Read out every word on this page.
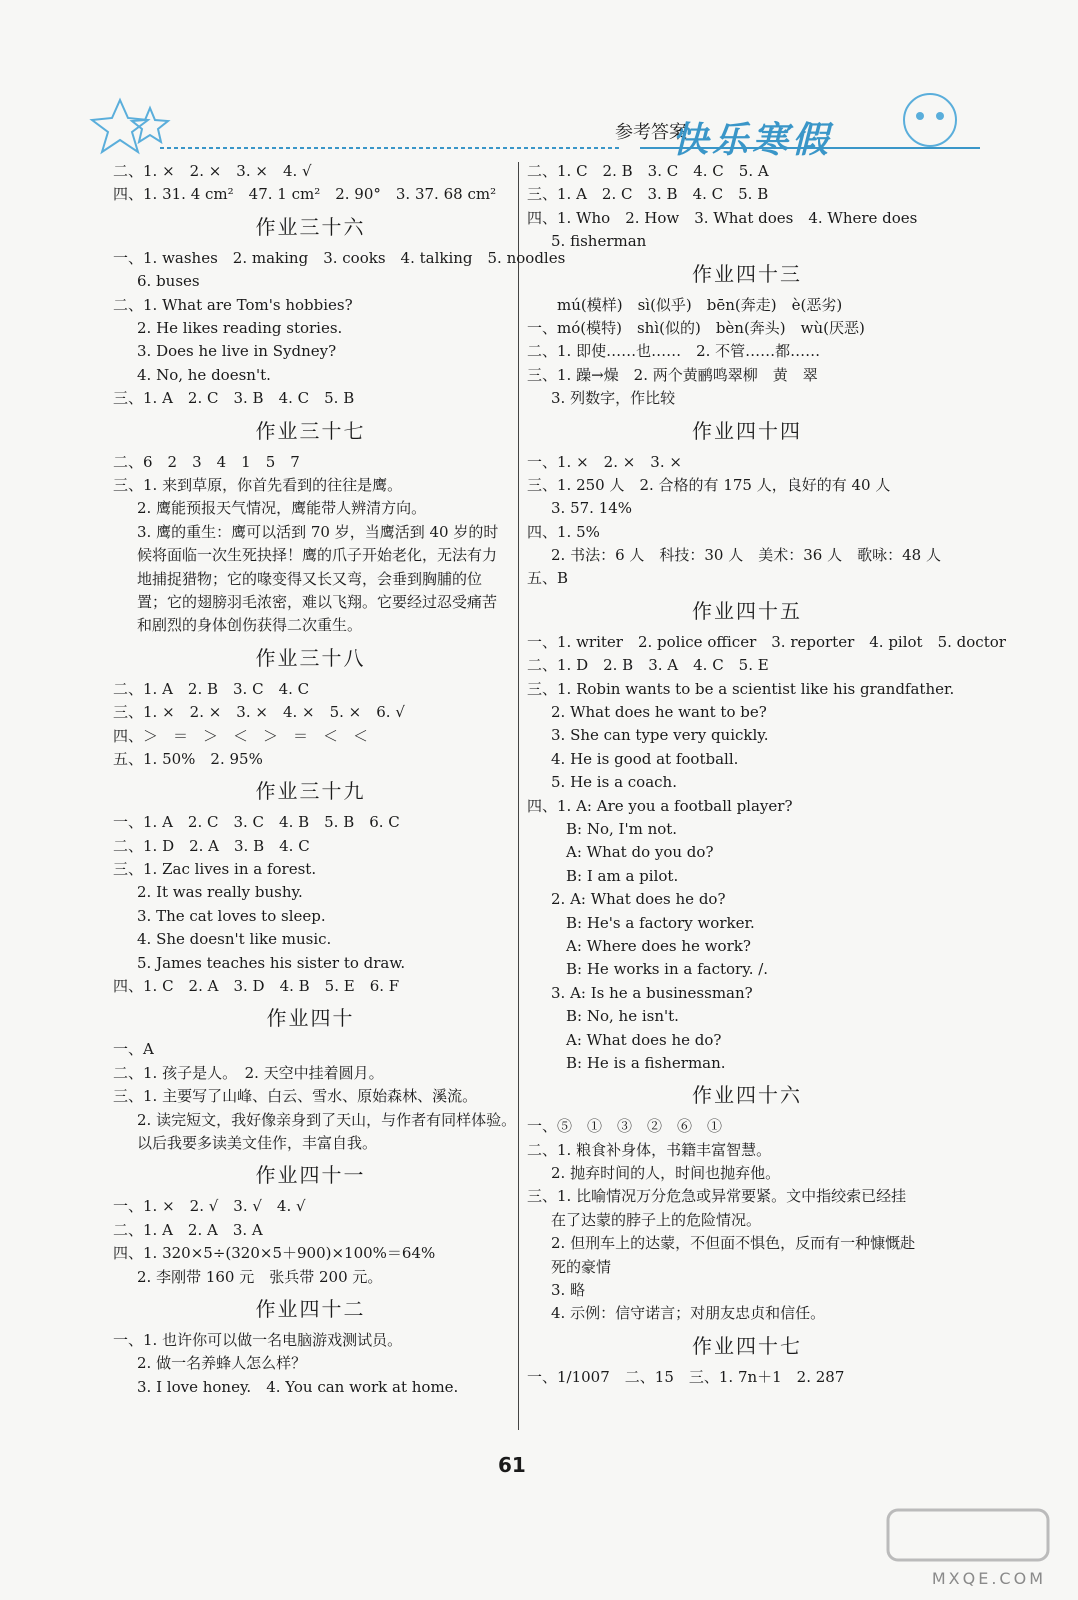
参考答案
快乐寒假
二、1. ×　2. ×　3. ×　4. √
四、1. 31. 4 cm²　47. 1 cm²　2. 90°　3. 37. 68 cm²
作业三十六
一、1. washes　2. making　3. cooks　4. talking　5. noodles
6. buses
二、1. What are Tom's hobbies?
2. He likes reading stories.
3. Does he live in Sydney?
4. No, he doesn't.
三、1. A　2. C　3. B　4. C　5. B
作业三十七
二、6　2　3　4　1　5　7
三、1. 来到草原，你首先看到的往往是鹰。
2. 鹰能预报天气情况，鹰能带人辨清方向。
3. 鹰的重生：鹰可以活到 70 岁，当鹰活到 40 岁的时候将面临一次生死抉择！鹰的爪子开始老化，无法有力地捕捉猎物；它的喙变得又长又弯，会垂到胸脯的位置；它的翅膀羽毛浓密，难以飞翔。它要经过忍受痛苦和剧烈的身体创伤获得二次重生。
作业三十八
二、1. A　2. B　3. C　4. C
三、1. ×　2. ×　3. ×　4. ×　5. ×　6. √
四、＞　＝　＞　＜　＞　＝　＜　＜
五、1. 50%　2. 95%
作业三十九
一、1. A　2. C　3. C　4. B　5. B　6. C
二、1. D　2. A　3. B　4. C
三、1. Zac lives in a forest.
2. It was really bushy.
3. The cat loves to sleep.
4. She doesn't like music.
5. James teaches his sister to draw.
四、1. C　2. A　3. D　4. B　5. E　6. F
作业四十
一、A
二、1. 孩子是人。　2. 天空中挂着圆月。
三、1. 主要写了山峰、白云、雪水、原始森林、溪流。
2. 读完短文，我好像亲身到了天山，与作者有同样体验。
以后我要多读美文佳作，丰富自我。
作业四十一
一、1. ×　2. √　3. √　4. √
二、1. A　2. A　3. A
四、1. 320×5÷(320×5＋900)×100%＝64%
2. 李刚带 160 元　张兵带 200 元。
作业四十二
一、1. 也许你可以做一名电脑游戏测试员。
2. 做一名养蜂人怎么样？
3. I love honey.　4. You can work at home.
二、1. C　2. B　3. C　4. C　5. A
三、1. A　2. C　3. B　4. C　5. B
四、1. Who　2. How　3. What does　4. Where does
5. fisherman
作业四十三
　　mú(模样)　sì(似乎)　bēn(奔走)　è(恶劣)
一、mó(模特)　shì(似的)　bèn(奔头)　wù(厌恶)
二、1. 即使……也……　2. 不管……都……
三、1. 躁→燥　2. 两个黄鹂鸣翠柳　黄　翠
3. 列数字，作比较
作业四十四
一、1. ×　2. ×　3. ×
三、1. 250 人　2. 合格的有 175 人，良好的有 40 人
3. 57. 14%
四、1. 5%
2. 书法：6 人　科技：30 人　美术：36 人　歌咏：48 人
五、B
作业四十五
一、1. writer　2. police officer　3. reporter　4. pilot　5. doctor
二、1. D　2. B　3. A　4. C　5. E
三、1. Robin wants to be a scientist like his grandfather.
2. What does he want to be?
3. She can type very quickly.
4. He is good at football.
5. He is a coach.
四、1. A: Are you a football player?
　B: No, I'm not.
　A: What do you do?
　B: I am a pilot.
2. A: What does he do?
　B: He's a factory worker.
　A: Where does he work?
　B: He works in a factory. /.
3. A: Is he a businessman?
　B: No, he isn't.
　A: What does he do?
　B: He is a fisherman.
作业四十六
一、⑤　①　③　②　⑥　①
二、1. 粮食补身体，书籍丰富智慧。
2. 抛弃时间的人，时间也抛弃他。
三、1. 比喻情况万分危急或异常要紧。文中指绞索已经挂
在了达蒙的脖子上的危险情况。
2. 但刑车上的达蒙，不但面不惧色，反而有一种慷慨赴
死的豪情
3. 略
4. 示例：信守诺言；对朋友忠贞和信任。
作业四十七
一、1/1007　二、15　三、1. 7n＋1　2. 287
61
MXQE.COM
